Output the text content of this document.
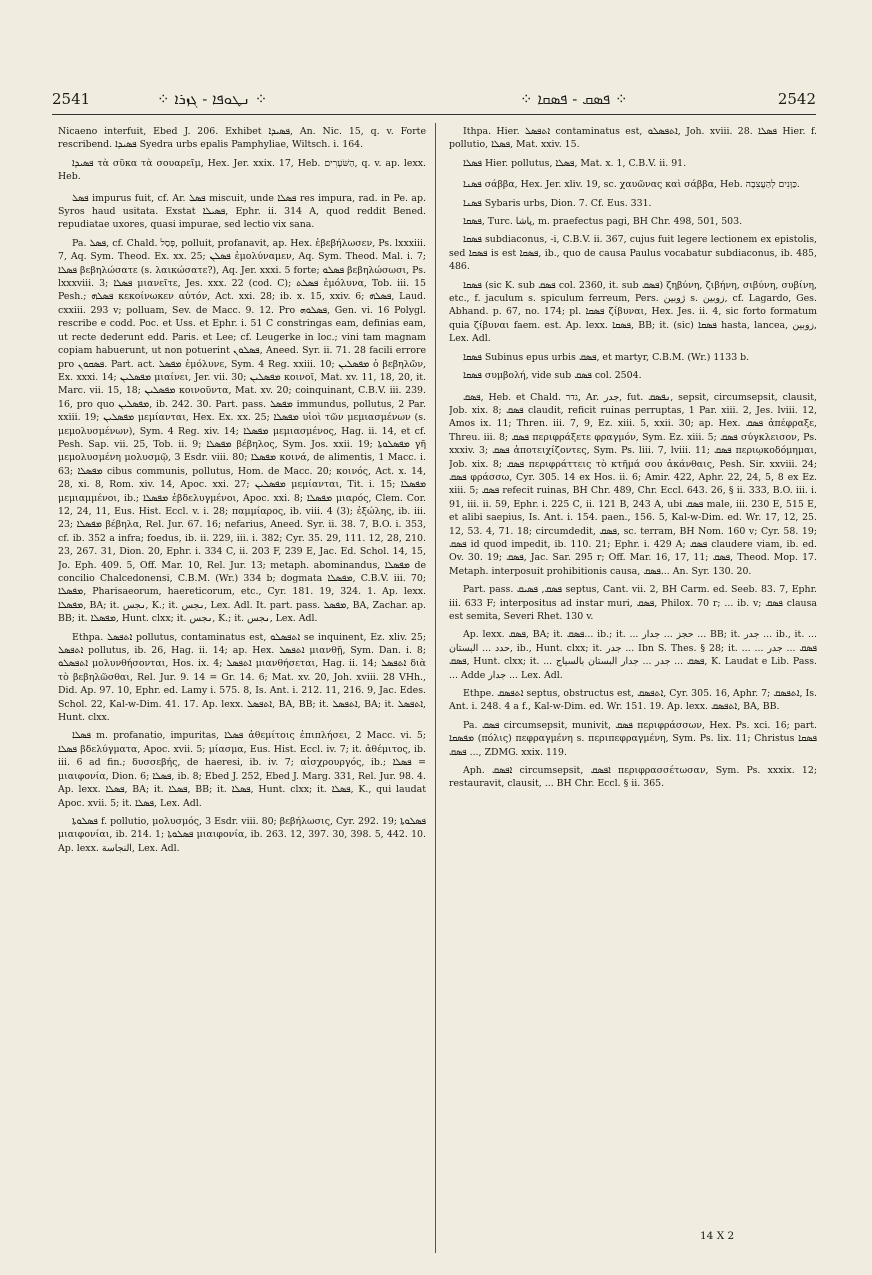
2541	⁘ ܢܛܘܦܐ - ܓܙܪܐ ⁘	⁘ ܦܣܩ - ܦܣܩܐ ⁘	2542

Nicaeno interfuit, Ebed J. 206. Exhibet ܦܣܝܕܐ, An. Nic. 15, q. v. Forte rescribend. ܦܣܝܕܐ Syedra urbs epalis Pamphyliae, Wiltsch. i. 164.

ܦܣܝܕܐ τὰ σῦκα τὰ σουαρεῖμ, Hex. Jer. xxix. 17, Heb. הַשֹּׁעָרִים, q. v. ap. lexx. Heb.

ܦܣܠ impurus fuit, cf. Ar. ܦܣܠ miscuit, unde ܦܣܠܐ res impura, rad. in Pe. ap. Syros haud usitata. Exstat ܦܣܝܠܐ, Ephr. ii. 314 A, quod reddit Bened. repudiatae uxores, quasi impurae, sed lectio vix sana.

Pa. ܦܣܠ, cf. Chald. פְּסַל, polluit, profanavit, ap. Hex. ἐβεβήλωσεν, Ps. lxxxiii. 7, Aq. Sym. Theod. Ex. xx. 25; ܦܣܠܢ ἐμολύναμεν, Aq. Sym. Theod. Mal. i. 7; ܦܣܠܐ βεβηλώσατε (s. λαικώσατε?), Aq. Jer. xxxi. 5 forte; ܦܣܠܘ βεβηλώσωσι, Ps. lxxxviii. 3; ܦܣܠܐ μιανεῖτε, Jes. xxx. 22 (cod. C); ܦܣܠܬ ἐμόλυνα, Tob. iii. 15 Pesh.; ܦܣܠܗ κεκοίνωκεν αὐτόν, Act. xxi. 28; ib. x. 15, xxiv. 6; ܦܣܠܗ, Laud. cxxiii. 293 v; polluam, Sev. de Macc. 9. 12. Pro ܦܣܠܘܗ, Gen. vi. 16 Polygl. rescribe e codd. Poc. et Uss. et Ephr. i. 51 C constringas eam, definias eam, ut recte dederunt edd. Paris. et Lee; cf. Leugerke in loc.; vini tam magnam copiam habuerunt, ut non potuerint ܦܣܠܘܢ, Aneed. Syr. ii. 71. 28 facili errore pro ܦܣܩܘܢ. Part. act. ܡܦܣܠ ἐμόλυνε, Sym. 4 Reg. xxiii. 10; ܡܦܣܠܝܢ ὁ βεβηλῶν, Ex. xxxi. 14; ܡܦܣܠܝܢ μιαίνει, Jer. vii. 30; ܡܦܣܠܝܢ κοινοῖ, Mat. xv. 11, 18, 20, it. Marc. vii. 15, 18; ܡܦܣܠܝܢ κοινοῦντα, Mat. xv. 20; coinquinant, C.B.V. iii. 239. 16, pro quo ܡܦܣܠܝܢ, ib. 242. 30. Part. pass. ܡܦܣܠ immundus, pollutus, 2 Par. xxiii. 19; ܡܦܣܠܝܢ μεμίανται, Hex. Ex. xx. 25; ܡܦܣܠܐ υἱοὶ τῶν μεμιασμένων (s. μεμολυσμένων), Sym. 4 Reg. xiv. 14; ܡܦܣܠܐ μεμιασμένος, Hag. ii. 14, et cf. Pesh. Sap. vii. 25, Tob. ii. 9; ܡܦܣܠܐ βέβηλος, Sym. Jos. xxii. 19; ܡܦܣܠܘܬܐ γῆ μεμολυσμένη μολυσμῷ, 3 Esdr. viii. 80; ܡܦܣܠܐ κοινά, de alimentis, 1 Macc. i. 63; ܡܦܣܠܐ cibus communis, pollutus, Hom. de Macc. 20; κοινός, Act. x. 14, 28, xi. 8, Rom. xiv. 14, Apoc. xxi. 27; ܡܦܣܠܝܢ μεμίανται, Tit. i. 15; ܡܦܣܠܐ μεμιαμμένοι, ib.; ܡܦܣܠܐ ἐβδελυγμένοι, Apoc. xxi. 8; ܡܦܣܠܐ μιαρός, Clem. Cor. 12, 24, 11, Eus. Hist. Eccl. v. i. 28; παμμίαρος, ib. viii. 4 (3); ἐξώλης, ib. iii. 23; ܡܦܣܠܐ βέβηλα, Rel. Jur. 67. 16; nefarius, Aneed. Syr. ii. 38. 7, B.O. i. 353, cf. ib. 352 a infra; foedus, ib. ii. 229, iii. i. 382; Cyr. 35. 29, 111. 12, 28, 210. 23, 267. 31, Dion. 20, Ephr. i. 334 C, ii. 203 F, 239 E, Jac. Ed. Schol. 14, 15, Jo. Eph. 409. 5, Off. Mar. 10, Rel. Jur. 13; metaph. abominandus, ܡܦܣܠܐ de concilio Chalcedonensi, C.B.M. (Wr.) 334 b; dogmata ܡܦܣܠܐ, C.B.V. iii. 70; ܡܦܣܠܐ, Pharisaeorum, haereticorum, etc., Cyr. 181. 19, 324. 1. Ap. lexx. ܡܦܣܠܐ, BA; it. ܢجس, K.; it. ܢجس, Lex. Adl. It. part. pass. ܡܦܣܠ, BA, Zachar. ap. BB; it. ܡܦܣܠܐ, Hunt. clxx; it. ܢجس, K.; it. ܢجس, Lex. Adl.

Ethpa. ܐܬܦܣܠ pollutus, contaminatus est, ܐܬܦܣܠܘ se inquinent, Ez. xliv. 25; ܐܬܦܣܠ pollutus, ib. 26, Hag. ii. 14; ap. Hex. ܐܬܦܣܠ μιανθῇ, Sym. Dan. i. 8; ܐܬܦܣܠܘ μολυνθήσονται, Hos. ix. 4; ܐܬܦܣܠ μιανθήσεται, Hag. ii. 14; ܐܬܦܣܠ διὰ τὸ βεβηλῶσθαι, Rel. Jur. 9. 14 = Gr. 14. 6; Mat. xv. 20, Joh. xviii. 28 VHh., Did. Ap. 97. 10, Ephr. ed. Lamy i. 575. 8, Is. Ant. i. 212. 11, 216. 9, Jac. Edes. Schol. 22, Kal-w-Dim. 41. 17. Ap. lexx. ܐܬܦܣܠ, BA, BB; it. ܐܬܦܣܠ, BA; it. ܐܬܦܣܠ, Hunt. clxx.

ܦܣܠܐ m. profanatio, impuritas, ܦܣܠܐ ἀθεμίτοις ἐπιπλήσει, 2 Macc. vi. 5; ܦܣܠܐ βδελύγματα, Apoc. xvii. 5; μίασμα, Eus. Hist. Eccl. iv. 7; it. ἀθέμιτος, ib. iii. 6 ad fin.; δυσσεβής, de haeresi, ib. iv. 7; αἰσχρουργός, ib.; ܦܣܠܐ = μιαιφονία, Dion. 6; ܦܣܠܐ, ib. 8; Ebed J. 252, Ebed J. Marg. 331, Rel. Jur. 98. 4. Ap. lexx. ܦܣܠܐ, BA; it. ܦܣܠܐ, BB; it. ܦܣܠܐ, Hunt. clxx; it. ܦܣܠܐ, K., qui laudat Apoc. xvii. 5; it. ܦܣܠܐ, Lex. Adl.

ܦܣܠܘܬܐ f. pollutio, μολυσμός, 3 Esdr. viii. 80; βεβήλωσις, Cyr. 292. 19; ܦܣܠܘܬܐ μιαιφονίαι, ib. 214. 1; ܦܣܠܘܬܐ μιαιφονία, ib. 263. 12, 397. 30, 398. 5, 442. 10. Ap. lexx. النجاسة, Lex. Adl.

Ithpa. Hier. ܐܬܦܣܠ contaminatus est, ܐܬܦܣܠܘ, Joh. xviii. 28. ܦܣܠܐ Hier. f. pollutio, ܦܣܠܐ, Mat. xxiv. 15.

ܦܣܠܐ Hier. pollutus, ܦܣܠܐ, Mat. x. 1, C.B.V. ii. 91.

ܦܣܢܐ σάββα, Hex. Jer. xliv. 19, sc. χαυῶνας καὶ σάββα, Heb. כַּוָּנִים לְהַעֲצִבָה.

ܦܣܢܐ Sybaris urbs, Dion. 7. Cf. Eus. 331.

ܦܣܩܐ, Turc. پاشا, m. praefectus pagi, BH Chr. 498, 501, 503.

ܦܣܩܐ subdiaconus, -i, C.B.V. ii. 367, cujus fuit legere lectionem ex epistolis, sed ܦܣܩܐ is est ܦܣܩܐ, ib., quo de causa Paulus vocabatur subdiaconus, ib. 485, 486.

ܦܣܩܐ (sic K. sub ܦܣܩ col. 2360, it. sub ܦܣܩ) ζηβύνη, ζιβήνη, σιβύνη, συβίνη, etc., f. jaculum s. spiculum ferreum, Pers. ژوبین s. زوبین, cf. Lagardo, Ges. Abhand. p. 67, no. 174; pl. ܦܣܩܐ ζίβυναι, Hex. Jes. ii. 4, sic forto formatum quia ζίβυναι faem. est. Ap. lexx. ܦܣܩܐ, BB; it. (sic) ܦܣܩܐ hasta, lancea, زوبین, Lex. Adl.

ܦܣܩܐ Subinus epus urbis ܦܣܩ, et martyr, C.B.M. (Wr.) 1133 b.

ܦܣܩܐ συμβολή, vide sub ܦܣܩ col. 2504.

ܦܣܩ, Heb. et Chald. גדר, Ar. جدر, fut. ܢܦܣܩ, sepsit, circumsepsit, clausit, Job. xix. 8; ܦܣܩ claudit, reficit ruinas perruptas, 1 Par. xiii. 2, Jes. lviii. 12, Amos ix. 11; Thren. iii. 7, 9, Ez. xiii. 5, xxii. 30; ap. Hex. ܦܣܩ ἀπέφραξε, Threu. iii. 8; ܦܣܩ περιφράξετε φραγμόν, Sym. Ez. xiii. 5; ܦܣܩ σύγκλεισον, Ps. xxxiv. 3; ܦܣܩ ἀποτειχίζοντες, Sym. Ps. liii. 7, lviii. 11; ܦܣܩ περιῳκοδόμημαι, Job. xix. 8; ܦܣܩ περιφράττεις τὸ κτῆμά σου ἀκάνθαις, Pesh. Sir. xxviii. 24; ܦܣܩ φράσσω, Cyr. 305. 14 ex Hos. ii. 6; Amir. 422, Aphr. 22, 24, 5, 8 ex Ez. xiii. 5; ܦܣܩ refecit ruinas, BH Chr. 489, Chr. Eccl. 643. 26, § ii. 333, B.O. iii. i. 91, iii. ii. 59, Ephr. i. 225 C, ii. 121 B, 243 A, ubi ܦܣܩ male, iii. 230 E, 515 E, et alibi saepius, Is. Ant. i. 154. paen., 156. 5, Kal-w-Dim. ed. Wr. 17, 12, 25. 12, 53. 4, 71. 18; circumdedit, ܦܣܩ, sc. terram, BH Nom. 160 v; Cyr. 58. 19; ܦܣܩ id quod impedit, ib. 110. 21; Ephr. i. 429 A; ܦܣܩ claudere viam, ib. ed. Ov. 30. 19; ܦܣܩ, Jac. Sar. 295 r; Off. Mar. 16, 17, 11; ܦܣܩ, Theod. Mop. 17. Metaph. interposuit prohibitionis causa, ܦܣܩ... An. Syr. 130. 20.

Part. pass. ܦܣܩ, ܦܣܝܩ septus, Cant. vii. 2, BH Carm. ed. Seeb. 83. 7, Ephr. iii. 633 F; interpositus ad instar muri, ܦܣܩ, Philox. 70 r; ... ib. v; ܦܣܩ clausa est semita, Severi Rhet. 130 v.

Ap. lexx. ܦܣܩ, BA; it. ܦܣܩ... ib.; it. ... حجز ... جدار ... BB; it. جدر ... ib., it. ... حدد ... البستان, ib., Hunt. clxx; it. جدر ... Ibn S. Thes. § 28; it. ... ܦܣܩ ... جدر ... ܦܣܩ, Hunt. clxx; it. ... ܦܣܩ ... جدر ... جدار البستان بالسياج, K. Laudat e Lib. Pass. ... Adde جدار ... Lex. Adl.

Ethpe. ܐܬܦܣܩ septus, obstructus est, ܐܬܦܣܩ, Cyr. 305. 16, Aphr. 7; ܐܬܦܣܩ, Is. Ant. i. 248. 4 a f., Kal-w-Dim. ed. Wr. 151. 19. Ap. lexx. ܐܬܦܣܩ, BA, BB.

Pa. ܦܣܩ circumsepsit, munivit, ܦܣܩ περιφράσσων, Hex. Ps. xci. 16; part. ܡܦܣܩܐ (πόλις) πεφραγμένη s. περιπεφραγμένη, Sym. Ps. lix. 11; Christus ܦܣܩܐ ... ܦܣܩ, ZDMG. xxix. 119.

Aph. ܐܦܣܩ circumsepsit, ܐܦܣܩ περιφρασσέτωσαν, Sym. Ps. xxxix. 12; restauravit, clausit, ... BH Chr. Eccl. § ii. 365.

14 X 2
